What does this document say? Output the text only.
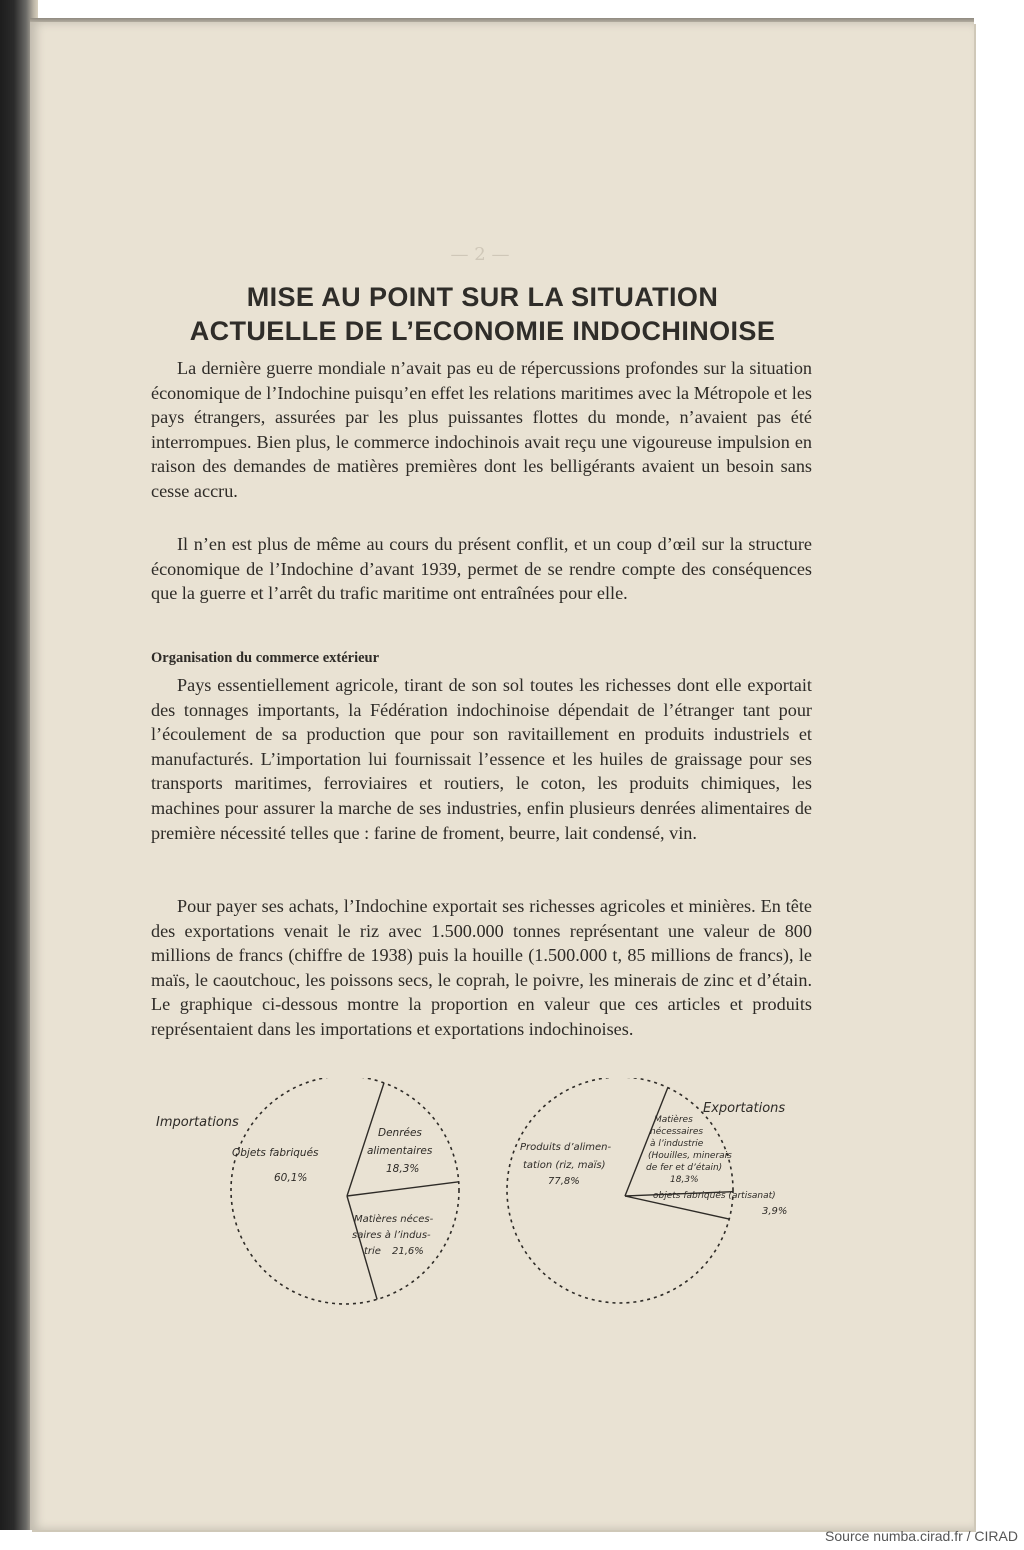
— 2 —
MISE AU POINT SUR LA SITUATION
ACTUELLE DE L’ECONOMIE INDOCHINOISE

La dernière guerre mondiale n’avait pas eu de répercussions profondes sur la situation économique de l’Indochine puisqu’en effet les relations maritimes avec la Métropole et les pays étrangers, assurées par les plus puissantes flottes du monde, n’avaient pas été interrompues. Bien plus, le commerce indochinois avait reçu une vigoureuse impulsion en raison des demandes de matières premières dont les belligérants avaient un besoin sans cesse accru.

Il n’en est plus de même au cours du présent conflit, et un coup d’œil sur la structure économique de l’Indochine d’avant 1939, permet de se rendre compte des conséquences que la guerre et l’arrêt du trafic maritime ont entraînées pour elle.

Organisation du commerce extérieur

Pays essentiellement agricole, tirant de son sol toutes les richesses dont elle exportait des tonnages importants, la Fédération indochinoise dépendait de l’étranger tant pour l’écoulement de sa production que pour son ravitaillement en produits industriels et manufacturés. L’importation lui fournissait l’essence et les huiles de graissage pour ses transports maritimes, ferroviaires et routiers, le coton, les produits chimiques, les machines pour assurer la marche de ses industries, enfin plusieurs denrées alimentaires de première nécessité telles que : farine de froment, beurre, lait condensé, vin.

Pour payer ses achats, l’Indochine exportait ses richesses agricoles et minières. En tête des exportations venait le riz avec 1.500.000 tonnes représentant une valeur de 800 millions de francs (chiffre de 1938) puis la houille (1.500.000 t, 85 millions de francs), le maïs, le caoutchouc, les poissons secs, le coprah, le poivre, les minerais de zinc et d’étain. Le graphique ci-dessous montre la proportion en valeur que ces articles et produits représentaient dans les importations et exportations indochinoises.

Importations
Objets fabriqués
60,1%
Denrées
alimentaires
18,3%
Matières néces-
saires à l’indus-
trie 21,6%
Exportations
Produits d’alimen-
tation (riz, maïs)
77,8%
Matières
nécessaires
à l’industrie
(Houilles, minerais
de fer et d’étain)
18,3%
objets fabriqués (artisanat)
3,9%
Source numba.cirad.fr / CIRAD
